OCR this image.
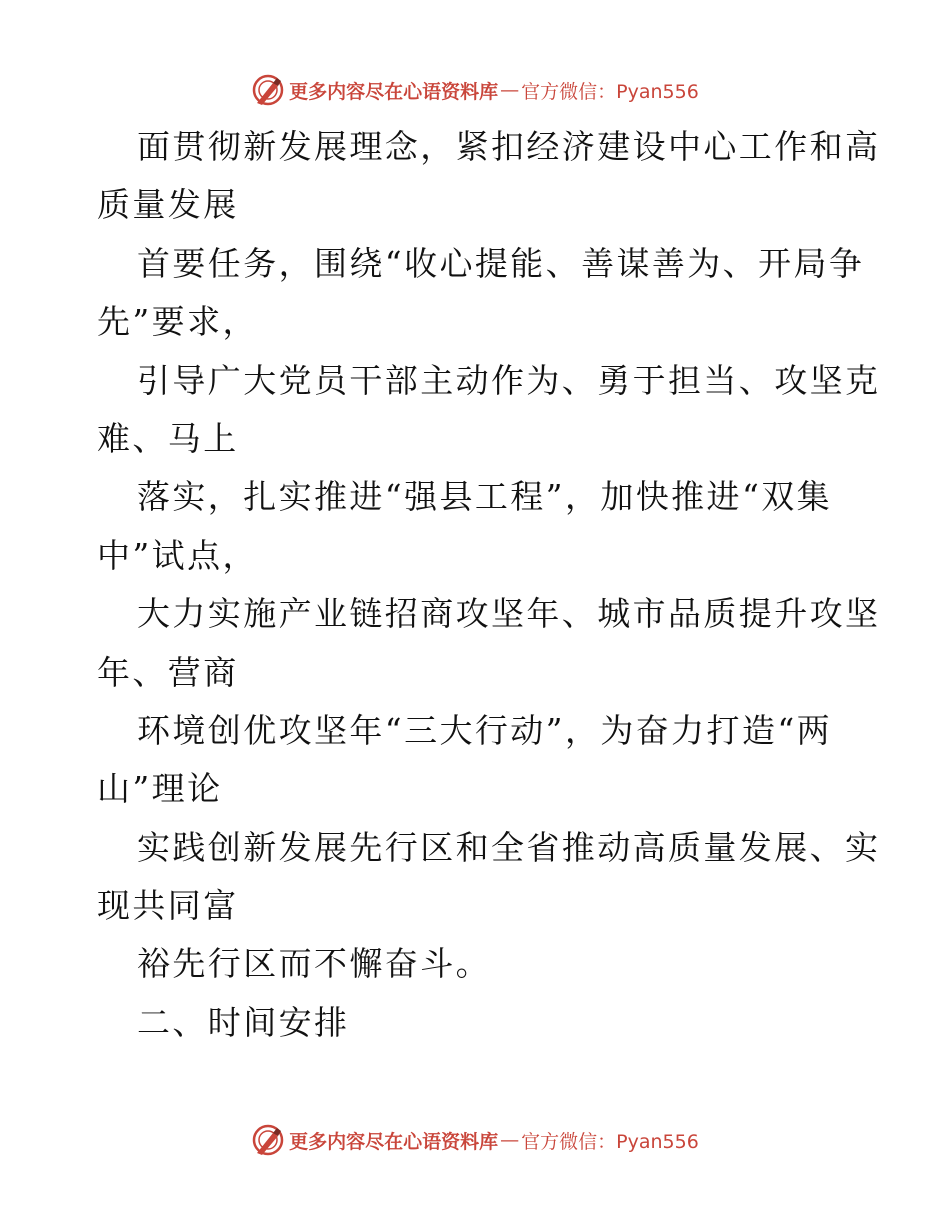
更多内容尽在心语资料库 — 官方微信：Pyan556
面贯彻新发展理念，紧扣经济建设中心工作和高
质量发展
首要任务，围绕“收心提能、善谋善为、开局争
先”要求，
引导广大党员干部主动作为、勇于担当、攻坚克
难、马上
落实，扎实推进“强县工程”，加快推进“双集
中”试点，
大力实施产业链招商攻坚年、城市品质提升攻坚
年、营商
环境创优攻坚年“三大行动”，为奋力打造“两
山”理论
实践创新发展先行区和全省推动高质量发展、实
现共同富
裕先行区而不懈奋斗。
二、时间安排
更多内容尽在心语资料库 — 官方微信：Pyan556
